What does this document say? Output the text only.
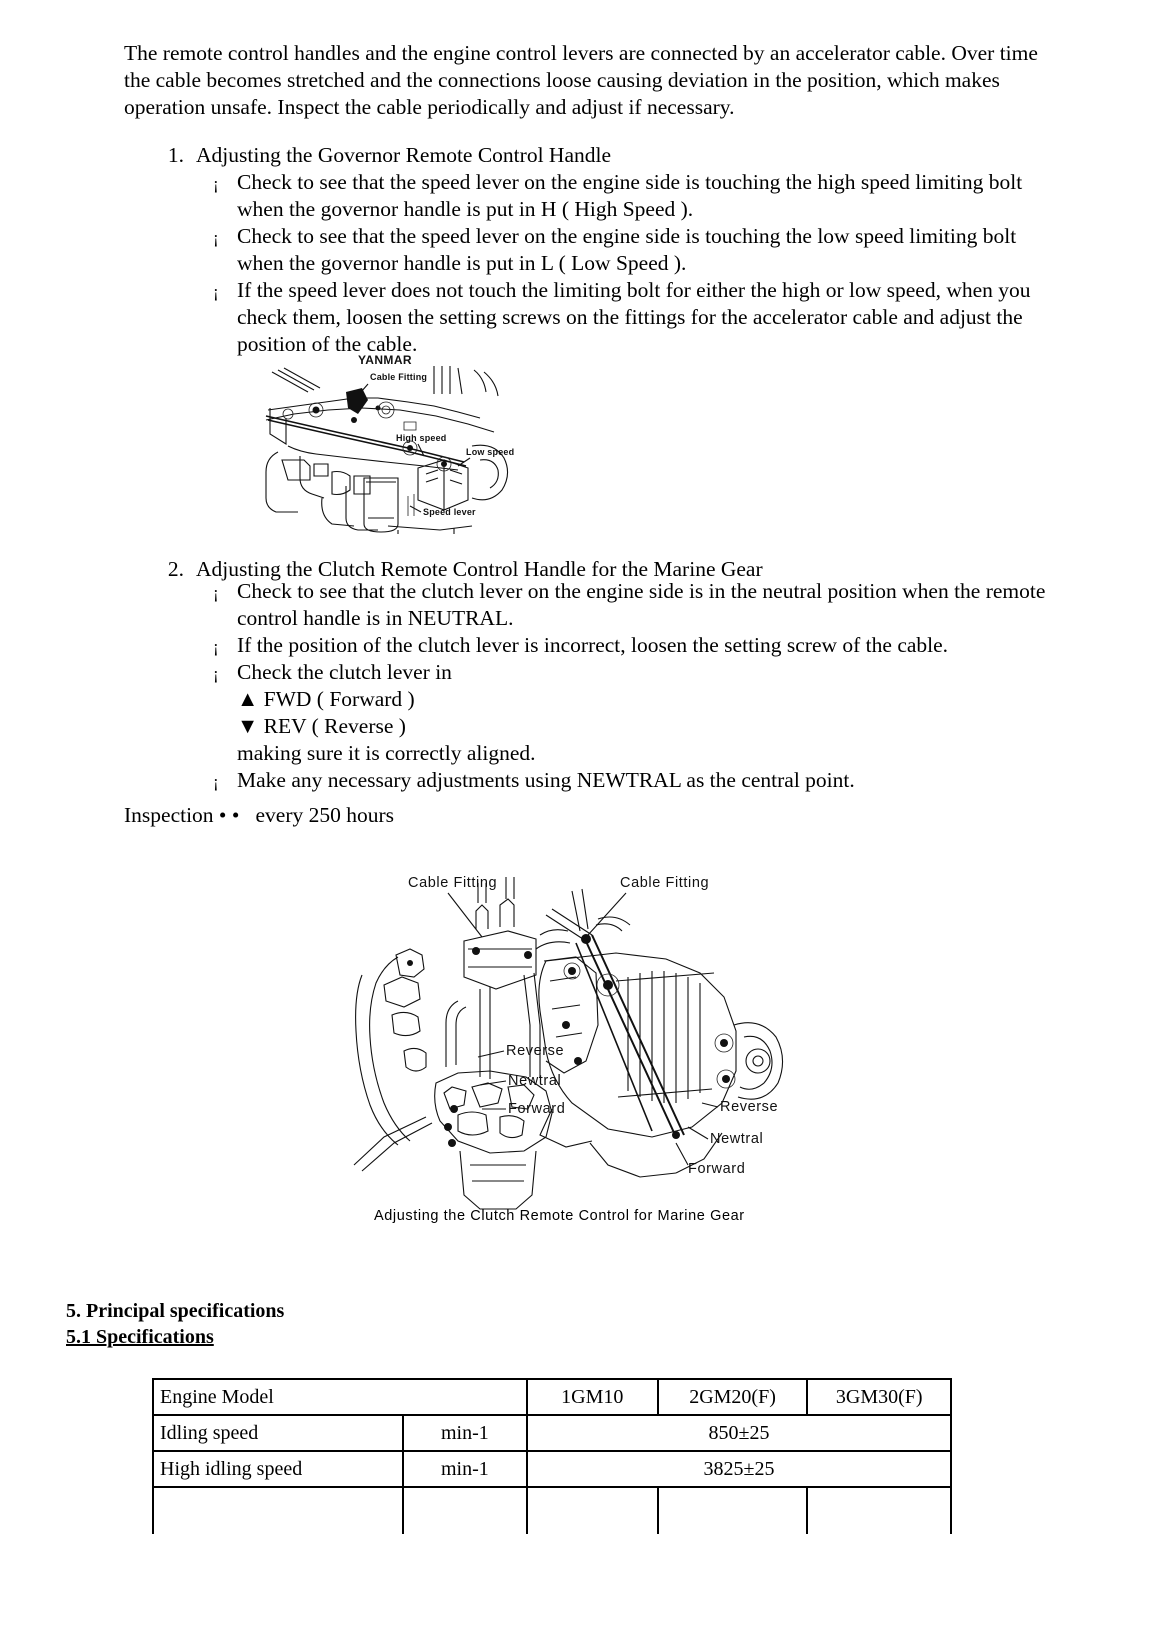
The remote control handles and the engine control levers are connected by an accelerator cable. Over time the cable becomes stretched and the connections loose causing deviation in the position, which makes operation unsafe. Inspect the cable periodically and adjust if necessary.
1. Adjusting the Governor Remote Control Handle
¡ Check to see that the speed lever on the engine side is touching the high speed limiting bolt when the governor handle is put in H ( High Speed ).
¡ Check to see that the speed lever on the engine side is touching the low speed limiting bolt when the governor handle is put in L ( Low Speed ).
¡ If the speed lever does not touch the limiting bolt for either the high or low speed, when you check them, loosen the setting screws on the fittings for the accelerator cable and adjust the position of the cable.
YANMAR
Cable Fitting
High speed
Low speed
Speed lever
2. Adjusting the Clutch Remote Control Handle for the Marine Gear
¡ Check to see that the clutch lever on the engine side is in the neutral position when the remote control handle is in NEUTRAL.
¡ If the position of the clutch lever is incorrect, loosen the setting screw of the cable.
¡ Check the clutch lever in
▲ FWD ( Forward )
▼ REV ( Reverse )
making sure it is correctly aligned.
¡ Make any necessary adjustments using NEWTRAL as the central point.
Inspection • •   every 250 hours
Cable Fitting
Reverse
Newtral
Forward
Cable Fitting
Reverse
Newtral
Forward
Adjusting the Clutch Remote Control for Marine Gear
5. Principal specifications
5.1 Specifications
Engine Model		1GM10	2GM20(F)	3GM30(F)
Idling speed	min-1	850±25		
High idling speed	min-1	3825±25		
